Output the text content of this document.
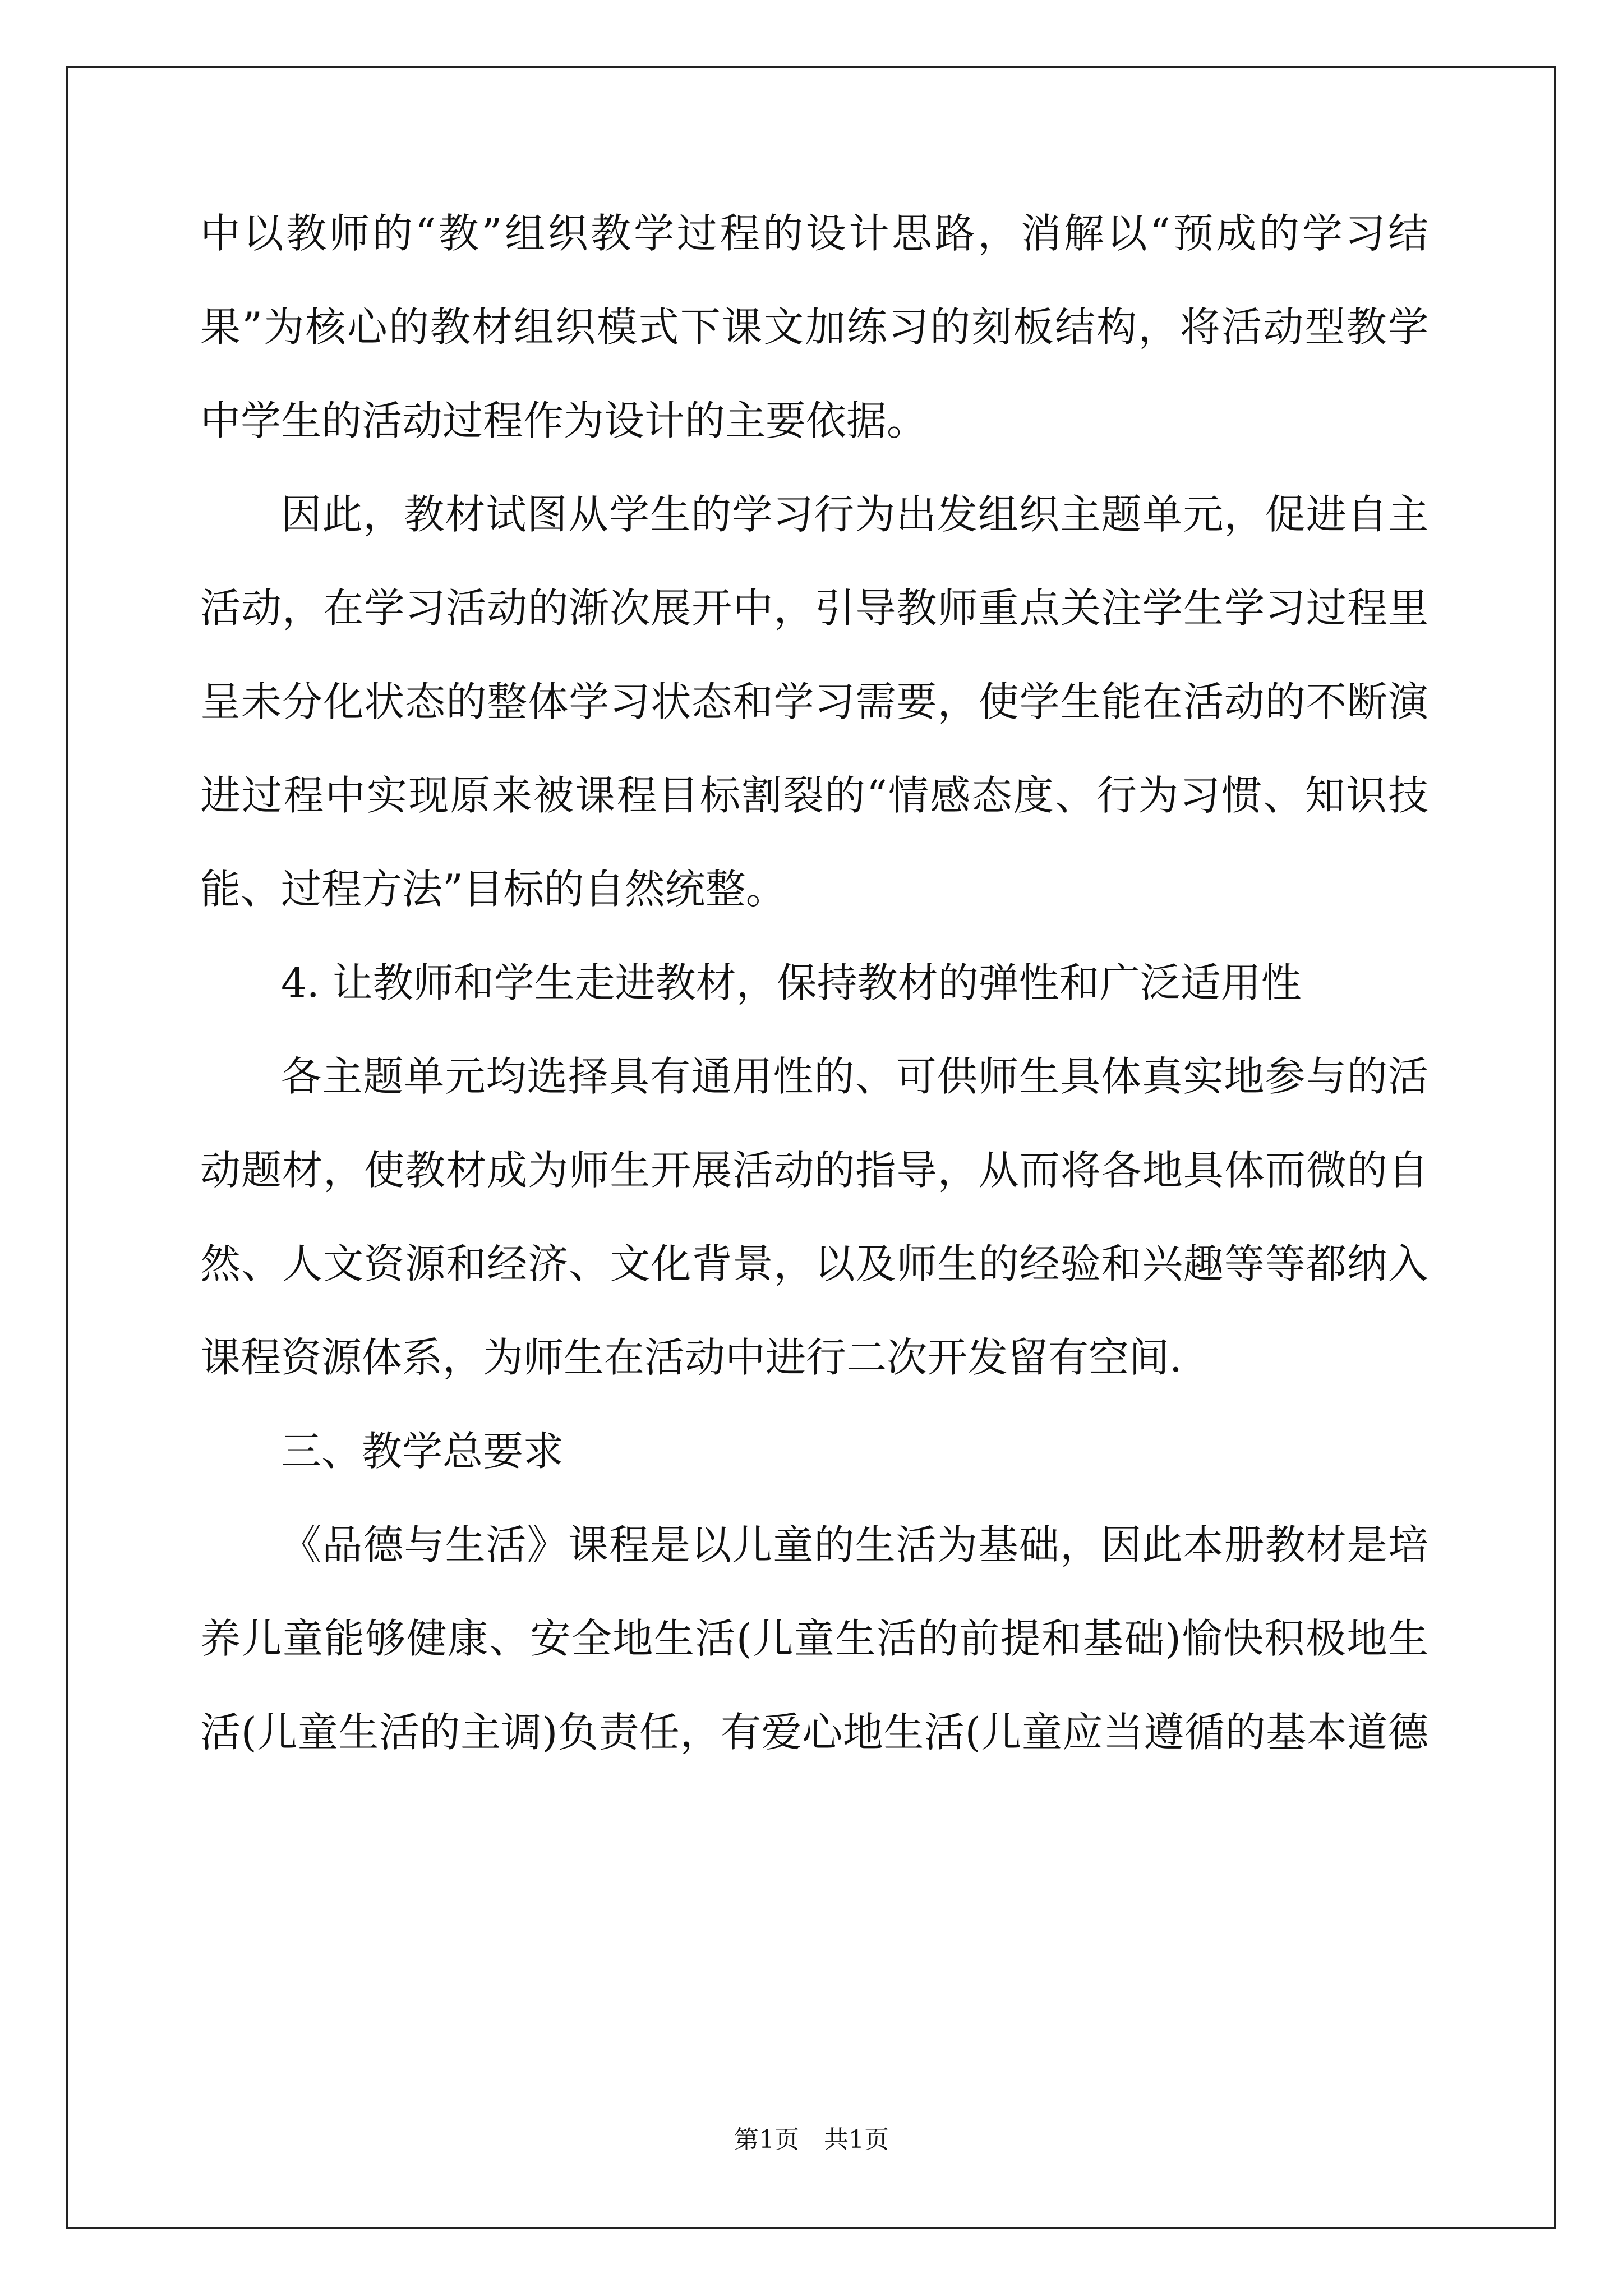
中以教师的“教”组织教学过程的设计思路，消解以“预成的学习结
果”为核心的教材组织模式下课文加练习的刻板结构，将活动型教学
中学生的活动过程作为设计的主要依据。
因此，教材试图从学生的学习行为出发组织主题单元，促进自主
活动，在学习活动的渐次展开中，引导教师重点关注学生学习过程里
呈未分化状态的整体学习状态和学习需要，使学生能在活动的不断演
进过程中实现原来被课程目标割裂的“情感态度、行为习惯、知识技
能、过程方法”目标的自然统整。
4. 让教师和学生走进教材，保持教材的弹性和广泛适用性
各主题单元均选择具有通用性的、可供师生具体真实地参与的活
动题材，使教材成为师生开展活动的指导，从而将各地具体而微的自
然、人文资源和经济、文化背景，以及师生的经验和兴趣等等都纳入
课程资源体系，为师生在活动中进行二次开发留有空间.
三、教学总要求
《品德与生活》课程是以儿童的生活为基础，因此本册教材是培
养儿童能够健康、安全地生活(儿童生活的前提和基础)愉快积极地生
活(儿童生活的主调)负责任，有爱心地生活(儿童应当遵循的基本道德
第1页　共1页
